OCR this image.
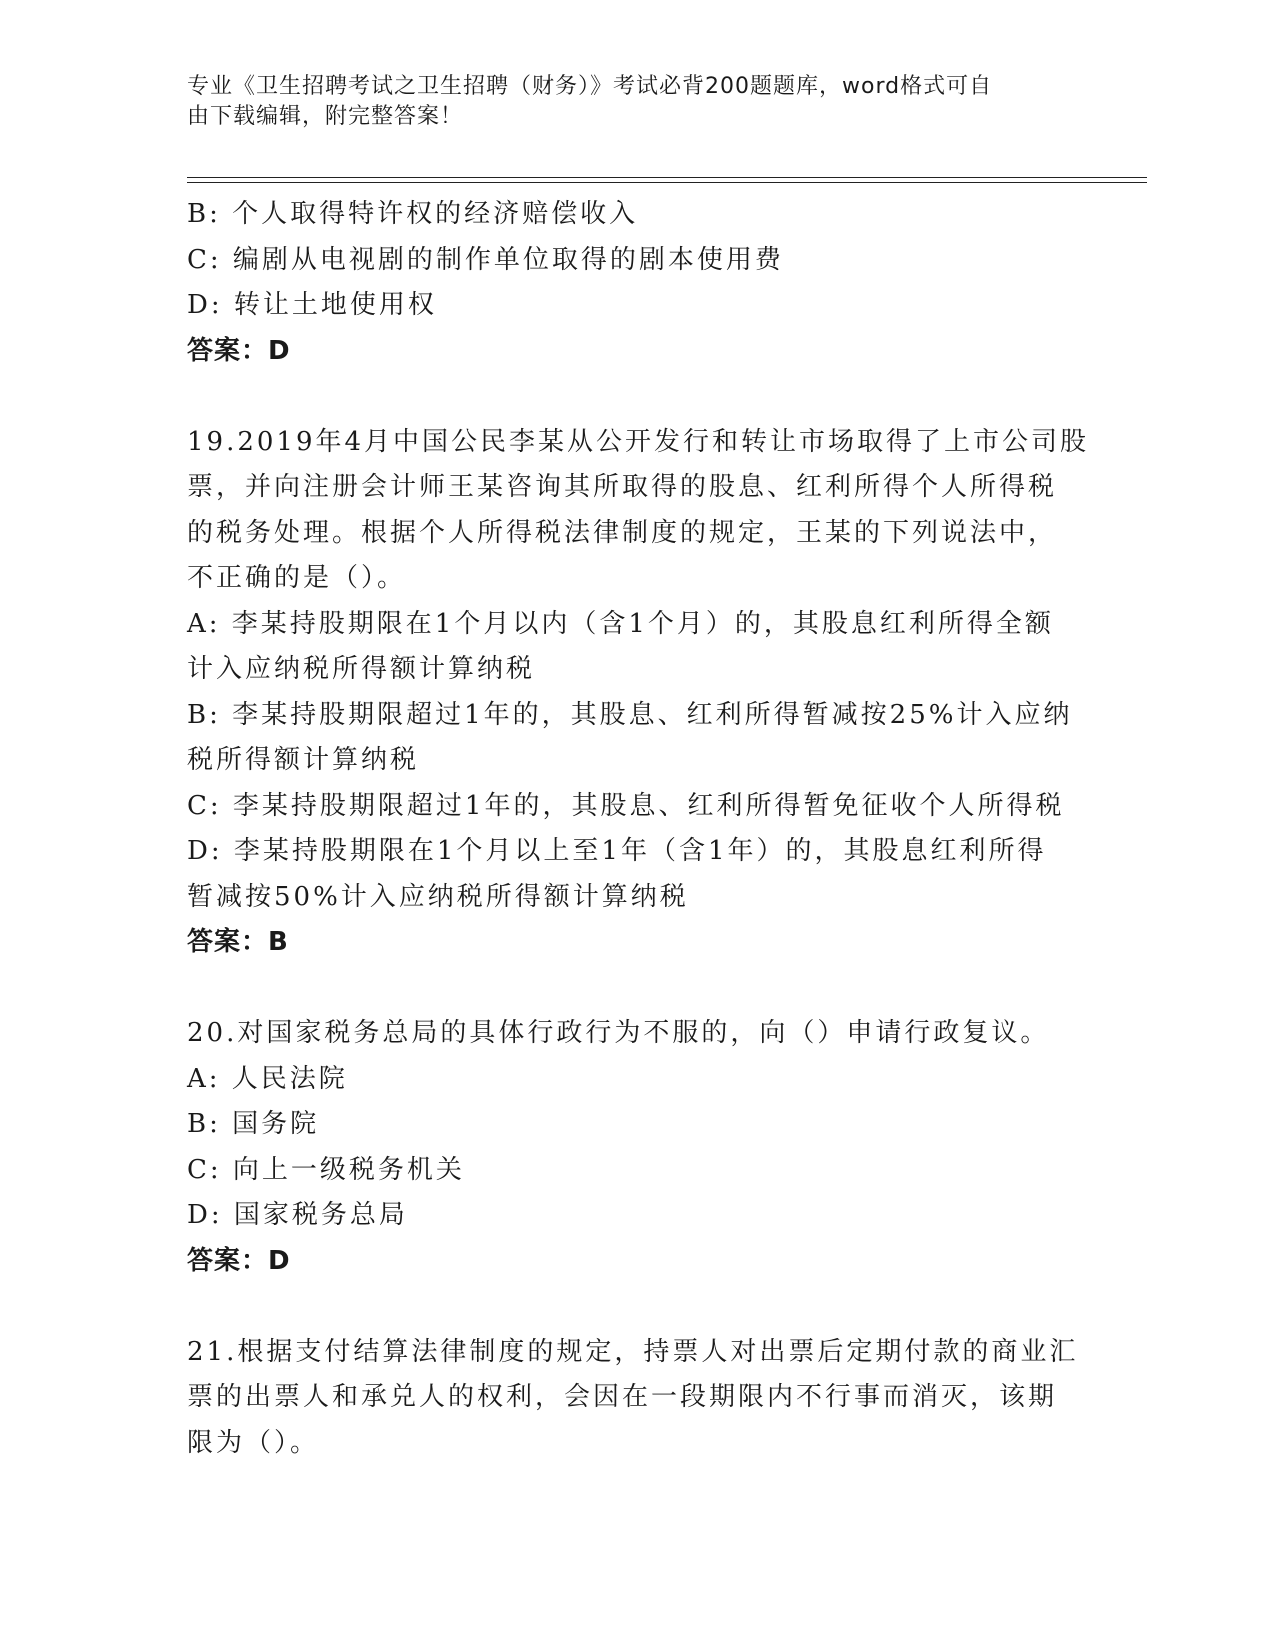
专业《卫生招聘考试之卫生招聘（财务）》考试必背200题题库，word格式可自
由下载编辑，附完整答案！
B: 个人取得特许权的经济赔偿收入
C: 编剧从电视剧的制作单位取得的剧本使用费
D: 转让土地使用权
答案：D
19.2019年4月中国公民李某从公开发行和转让市场取得了上市公司股
票，并向注册会计师王某咨询其所取得的股息、红利所得个人所得税
的税务处理。根据个人所得税法律制度的规定，王某的下列说法中，
不正确的是（）。
A: 李某持股期限在1个月以内（含1个月）的，其股息红利所得全额
计入应纳税所得额计算纳税
B: 李某持股期限超过1年的，其股息、红利所得暂减按25%计入应纳
税所得额计算纳税
C: 李某持股期限超过1年的，其股息、红利所得暂免征收个人所得税
D: 李某持股期限在1个月以上至1年（含1年）的，其股息红利所得
暂减按50%计入应纳税所得额计算纳税
答案：B
20.对国家税务总局的具体行政行为不服的，向（）申请行政复议。
A: 人民法院
B: 国务院
C: 向上一级税务机关
D: 国家税务总局
答案：D
21.根据支付结算法律制度的规定，持票人对出票后定期付款的商业汇
票的出票人和承兑人的权利，会因在一段期限内不行事而消灭，该期
限为（）。
